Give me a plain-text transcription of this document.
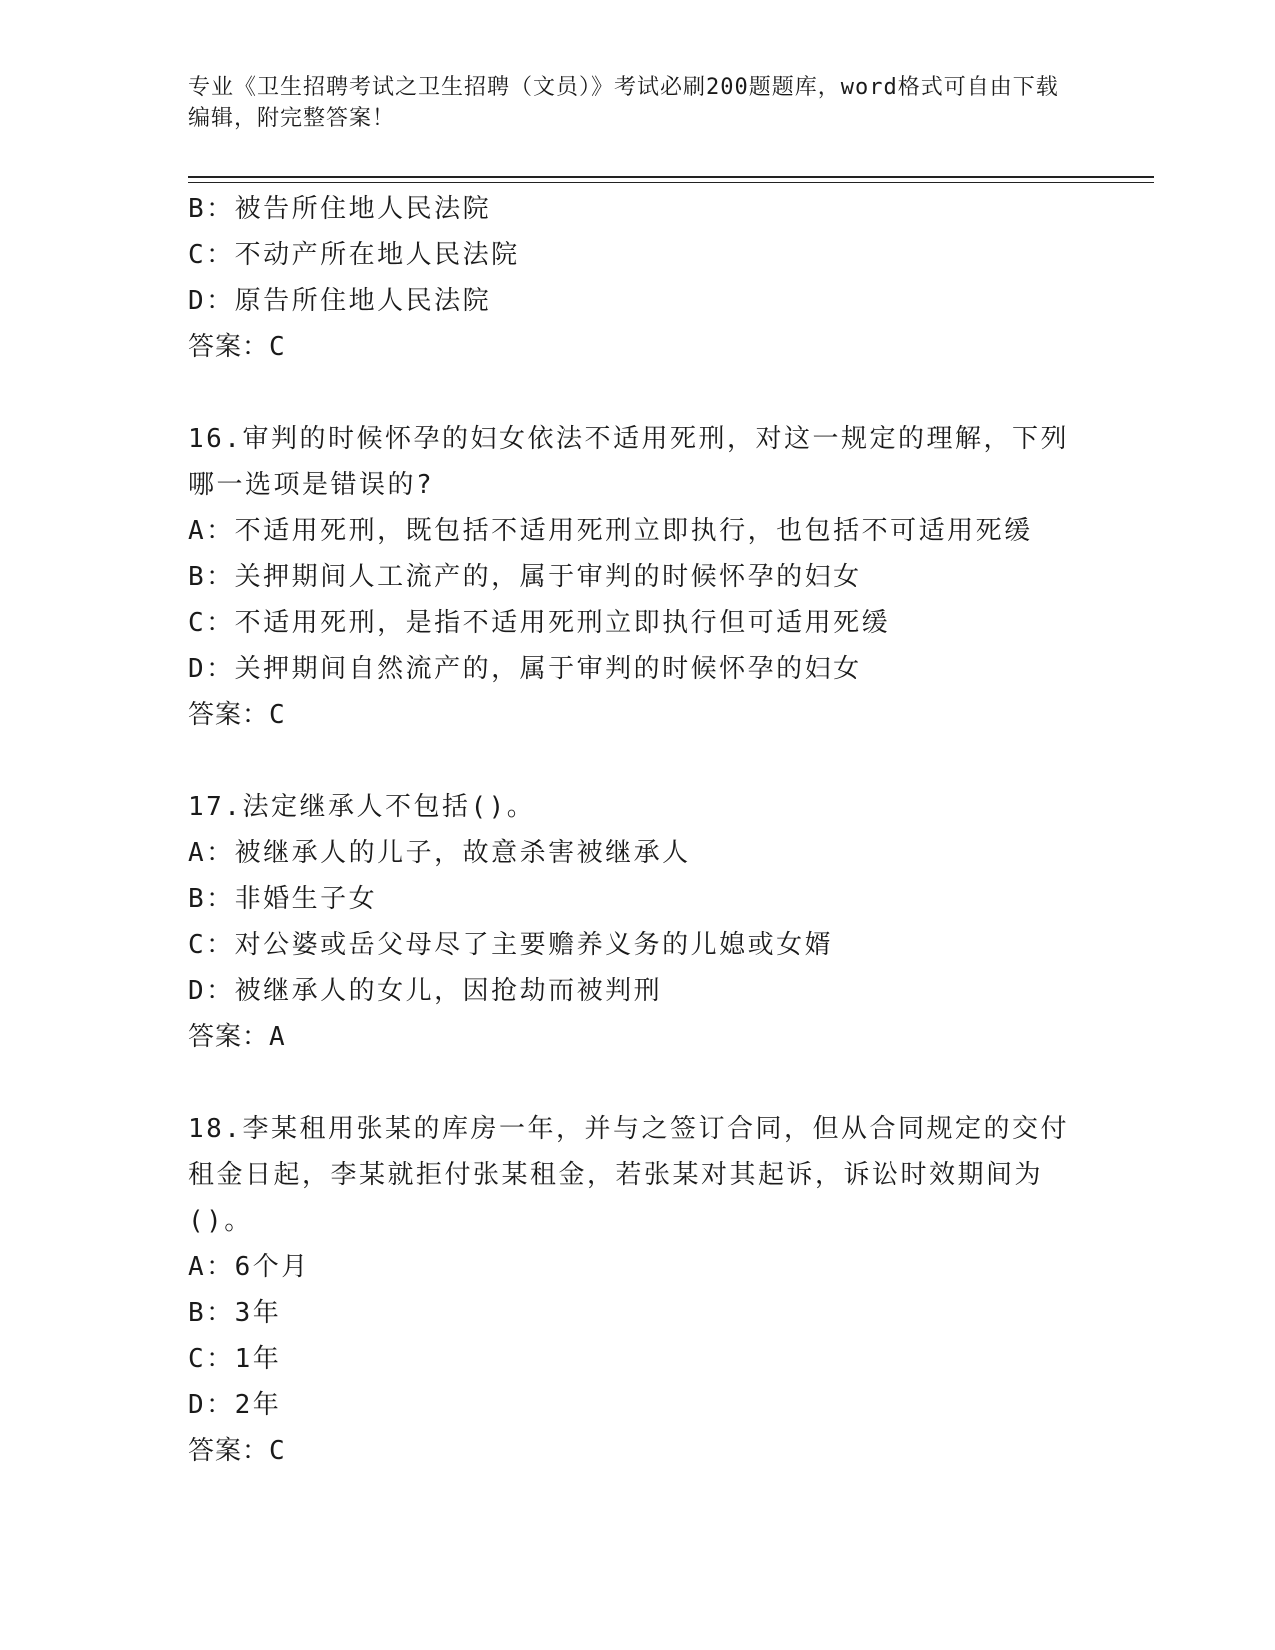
专业《卫生招聘考试之卫生招聘（文员）》考试必刷200题题库，word格式可自由下载编辑，附完整答案！
B：被告所住地人民法院
C：不动产所在地人民法院
D：原告所住地人民法院
答案：C
16.审判的时候怀孕的妇女依法不适用死刑，对这一规定的理解，下列
哪一选项是错误的?
A：不适用死刑，既包括不适用死刑立即执行，也包括不可适用死缓
B：关押期间人工流产的，属于审判的时候怀孕的妇女
C：不适用死刑，是指不适用死刑立即执行但可适用死缓
D：关押期间自然流产的，属于审判的时候怀孕的妇女
答案：C
17.法定继承人不包括()。
A：被继承人的儿子，故意杀害被继承人
B：非婚生子女
C：对公婆或岳父母尽了主要赡养义务的儿媳或女婿
D：被继承人的女儿，因抢劫而被判刑
答案：A
18.李某租用张某的库房一年，并与之签订合同，但从合同规定的交付
租金日起，李某就拒付张某租金，若张某对其起诉，诉讼时效期间为
()。
A：6个月
B：3年
C：1年
D：2年
答案：C
